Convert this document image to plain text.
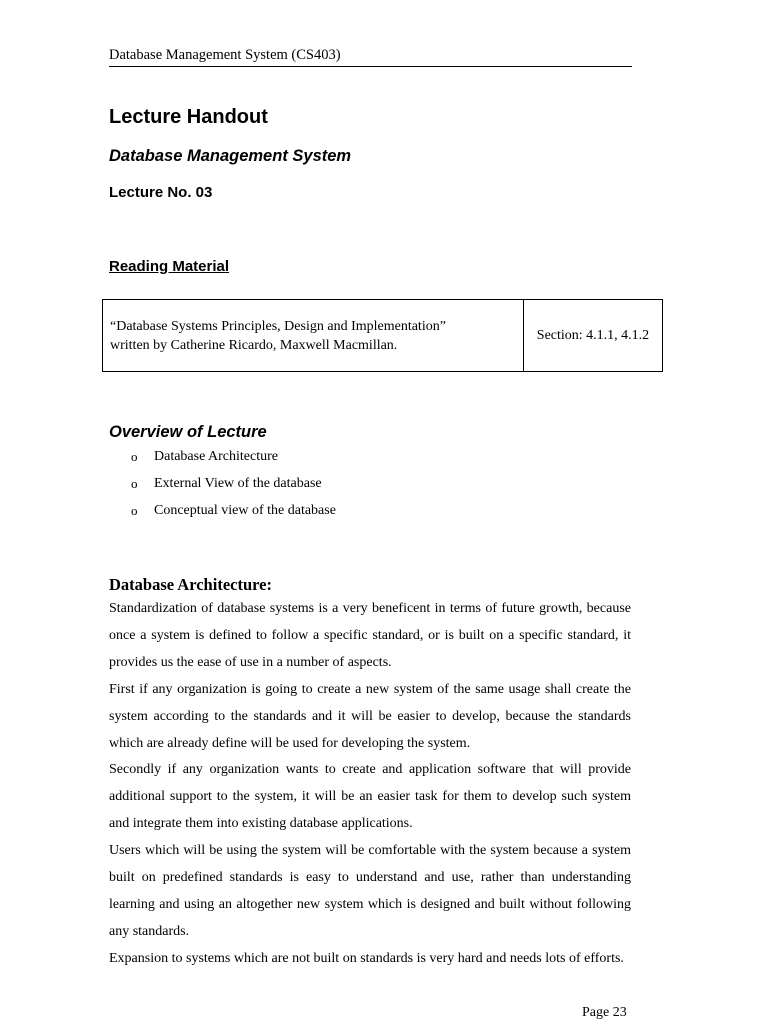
Database Management System (CS403)
Lecture Handout
Database Management System
Lecture No. 03
Reading Material
“Database Systems Principles, Design and Implementation”
written by Catherine Ricardo, Maxwell Macmillan.
	Section: 4.1.1, 4.1.2
Overview of Lecture
o	Database Architecture
o	External View of the database
o	Conceptual view of the database
Database Architecture:

Standardization of database systems is a very beneficent in terms of future growth, because once a system is defined to follow a specific standard, or is built on a specific standard, it provides us the ease of use in a number of aspects.

First if any organization is going to create a new system of the same usage shall create the system according to the standards and it will be easier to develop, because the standards which are already define will be used for developing the system.

Secondly if any organization wants to create and application software that will provide additional support to the system, it will be an easier task for them to develop such system and integrate them into existing database applications.

Users which will be using the system will be comfortable with the system because a system built on predefined standards is easy to understand and use, rather than understanding learning and using an altogether new system which is designed and built without following any standards.

Expansion to systems which are not built on standards is very hard and needs lots of efforts.

Page 23
